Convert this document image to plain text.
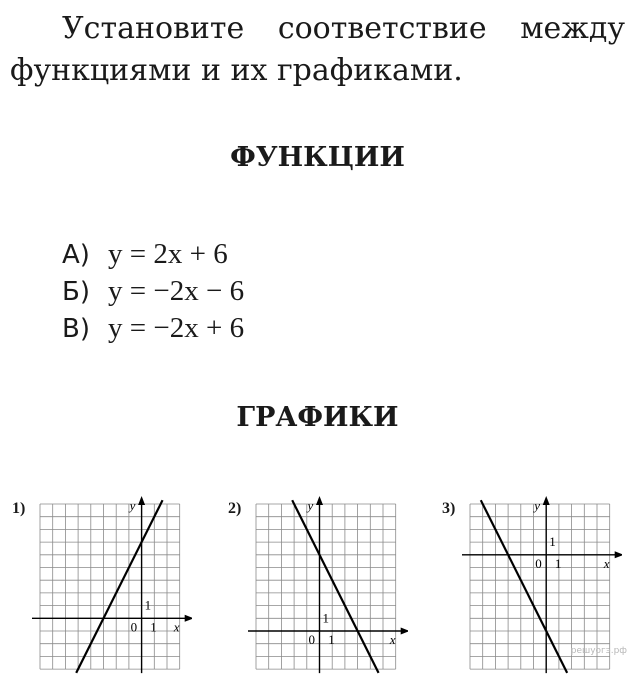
Установите соответствие между функциями и их графиками.

ФУНКЦИИ
А) y = 2x + 6
Б) y = −2x − 6
В) y = −2x + 6
ГРАФИКИ
1)	y
x
0 1
1
2)	y
x
0 1
1
3)	y
x
0 1
1
решуогэ.рф
